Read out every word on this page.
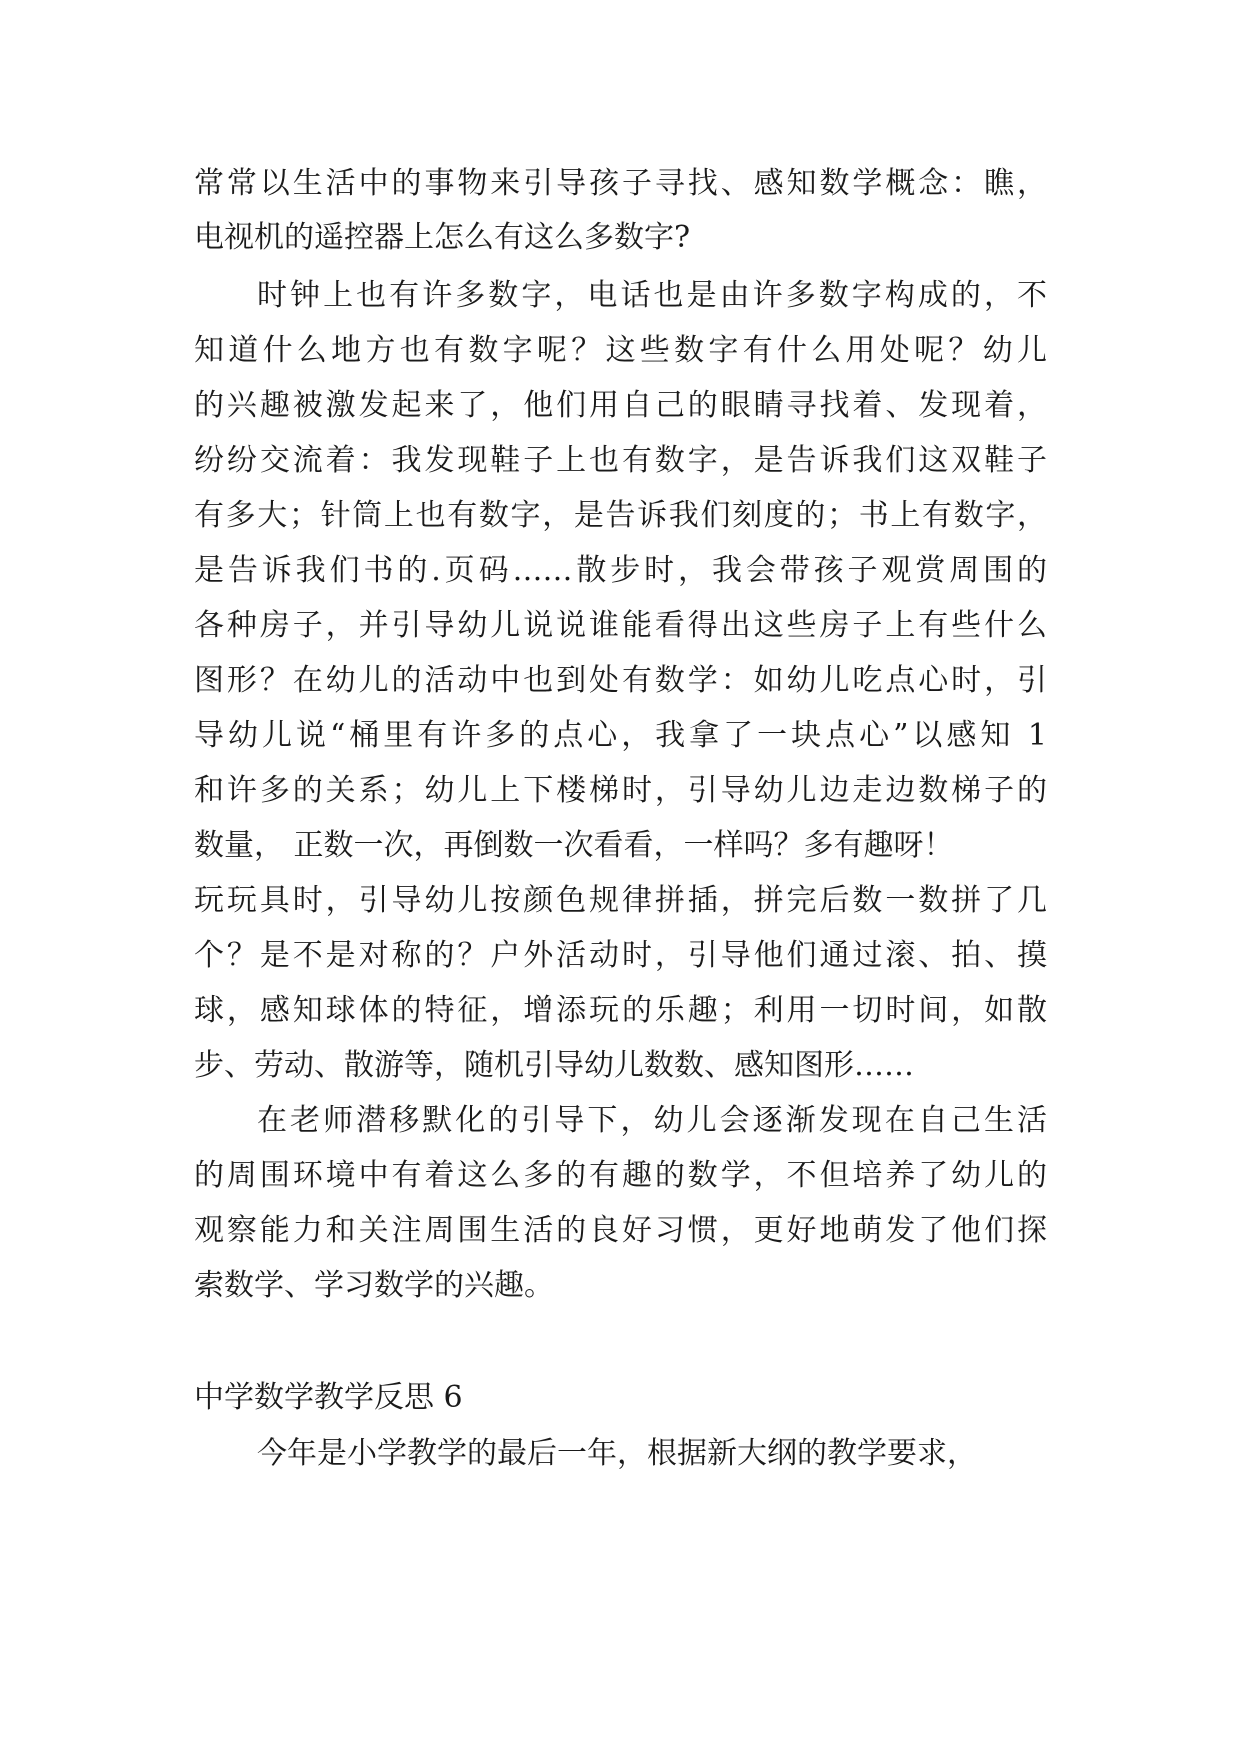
常常以生活中的事物来引导孩子寻找、感知数学概念：瞧，
电视机的遥控器上怎么有这么多数字?
时钟上也有许多数字，电话也是由许多数字构成的，不
知道什么地方也有数字呢？这些数字有什么用处呢？幼儿
的兴趣被激发起来了，他们用自己的眼睛寻找着、发现着，
纷纷交流着：我发现鞋子上也有数字，是告诉我们这双鞋子
有多大；针筒上也有数字，是告诉我们刻度的；书上有数字，
是告诉我们书的.页码……散步时，我会带孩子观赏周围的
各种房子，并引导幼儿说说谁能看得出这些房子上有些什么
图形？在幼儿的活动中也到处有数学：如幼儿吃点心时，引
导幼儿说“桶里有许多的点心，我拿了一块点心”以感知 1
和许多的关系；幼儿上下楼梯时，引导幼儿边走边数梯子的
数量， 正数一次，再倒数一次看看，一样吗？多有趣呀！
玩玩具时，引导幼儿按颜色规律拼插，拼完后数一数拼了几
个？是不是对称的？户外活动时，引导他们通过滚、拍、摸
球，感知球体的特征，增添玩的乐趣；利用一切时间，如散
步、劳动、散游等，随机引导幼儿数数、感知图形……
在老师潜移默化的引导下，幼儿会逐渐发现在自己生活
的周围环境中有着这么多的有趣的数学，不但培养了幼儿的
观察能力和关注周围生活的良好习惯，更好地萌发了他们探
索数学、学习数学的兴趣。
中学数学教学反思 6
今年是小学教学的最后一年，根据新大纲的教学要求，
